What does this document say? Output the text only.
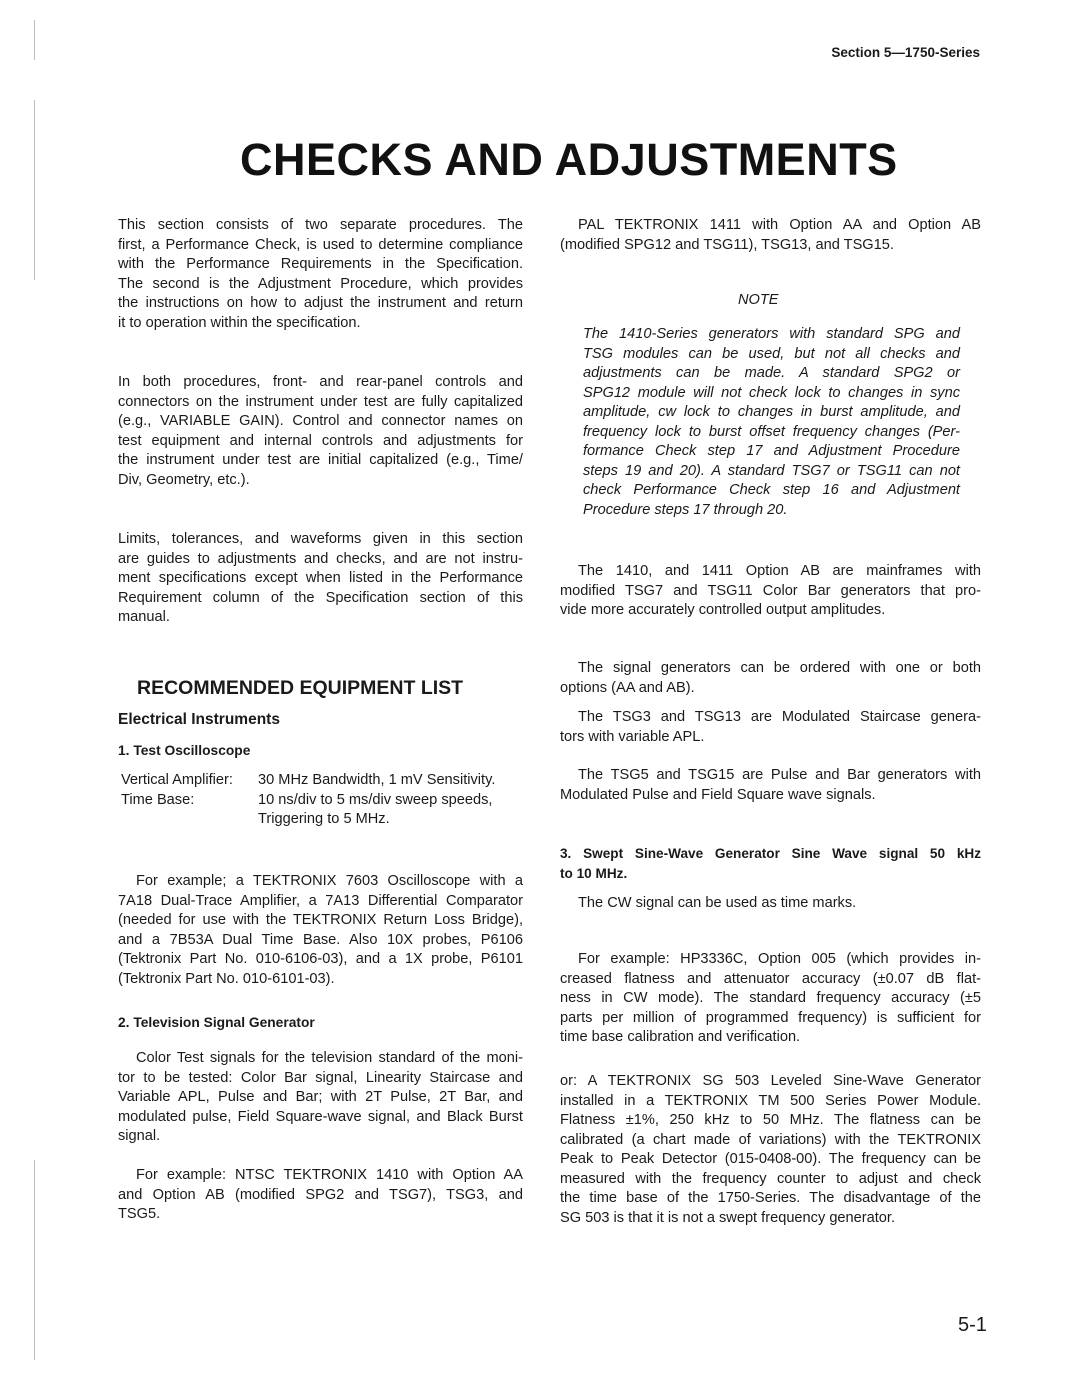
Section 5—1750-Series
CHECKS AND ADJUSTMENTS
This section consists of two separate procedures. The
first, a Performance Check, is used to determine compliance
with the Performance Requirements in the Specification.
The second is the Adjustment Procedure, which provides
the instructions on how to adjust the instrument and return
it to operation within the specification.
In both procedures, front- and rear-panel controls and
connectors on the instrument under test are fully capitalized
(e.g., VARIABLE GAIN). Control and connector names on
test equipment and internal controls and adjustments for
the instrument under test are initial capitalized (e.g., Time/
Div, Geometry, etc.).
Limits, tolerances, and waveforms given in this section
are guides to adjustments and checks, and are not instru-
ment specifications except when listed in the Performance
Requirement column of the Specification section of this
manual.
RECOMMENDED EQUIPMENT LIST
Electrical Instruments
1. Test Oscilloscope
Vertical Amplifier:	30 MHz Bandwidth, 1 mV Sensitivity.
Time Base:	10 ns/div to 5 ms/div sweep speeds,
Triggering to 5 MHz.
For example; a TEKTRONIX 7603 Oscilloscope with a
7A18 Dual-Trace Amplifier, a 7A13 Differential Comparator
(needed for use with the TEKTRONIX Return Loss Bridge),
and a 7B53A Dual Time Base. Also 10X probes, P6106
(Tektronix Part No. 010-6106-03), and a 1X probe, P6101
(Tektronix Part No. 010-6101-03).
2. Television Signal Generator
Color Test signals for the television standard of the moni-
tor to be tested: Color Bar signal, Linearity Staircase and
Variable APL, Pulse and Bar; with 2T Pulse, 2T Bar, and
modulated pulse, Field Square-wave signal, and Black Burst
signal.
For example: NTSC TEKTRONIX 1410 with Option AA
and Option AB (modified SPG2 and TSG7), TSG3, and
TSG5.
PAL TEKTRONIX 1411 with Option AA and Option AB
(modified SPG12 and TSG11), TSG13, and TSG15.
NOTE
The 1410-Series generators with standard SPG and
TSG modules can be used, but not all checks and
adjustments can be made. A standard SPG2 or
SPG12 module will not check lock to changes in sync
amplitude, cw lock to changes in burst amplitude, and
frequency lock to burst offset frequency changes (Per-
formance Check step 17 and Adjustment Procedure
steps 19 and 20). A standard TSG7 or TSG11 can not
check Performance Check step 16 and Adjustment
Procedure steps 17 through 20.
The 1410, and 1411 Option AB are mainframes with
modified TSG7 and TSG11 Color Bar generators that pro-
vide more accurately controlled output amplitudes.
The signal generators can be ordered with one or both
options (AA and AB).
The TSG3 and TSG13 are Modulated Staircase genera-
tors with variable APL.
The TSG5 and TSG15 are Pulse and Bar generators with
Modulated Pulse and Field Square wave signals.
3. Swept Sine-Wave Generator Sine Wave signal 50 kHz
to 10 MHz.
The CW signal can be used as time marks.
For example: HP3336C, Option 005 (which provides in-
creased flatness and attenuator accuracy (±0.07 dB flat-
ness in CW mode). The standard frequency accuracy (±5
parts per million of programmed frequency) is sufficient for
time base calibration and verification.
or: A TEKTRONIX SG 503 Leveled Sine-Wave Generator
installed in a TEKTRONIX TM 500 Series Power Module.
Flatness ±1%, 250 kHz to 50 MHz. The flatness can be
calibrated (a chart made of variations) with the TEKTRONIX
Peak to Peak Detector (015-0408-00). The frequency can be
measured with the frequency counter to adjust and check
the time base of the 1750-Series. The disadvantage of the
SG 503 is that it is not a swept frequency generator.
5-1
